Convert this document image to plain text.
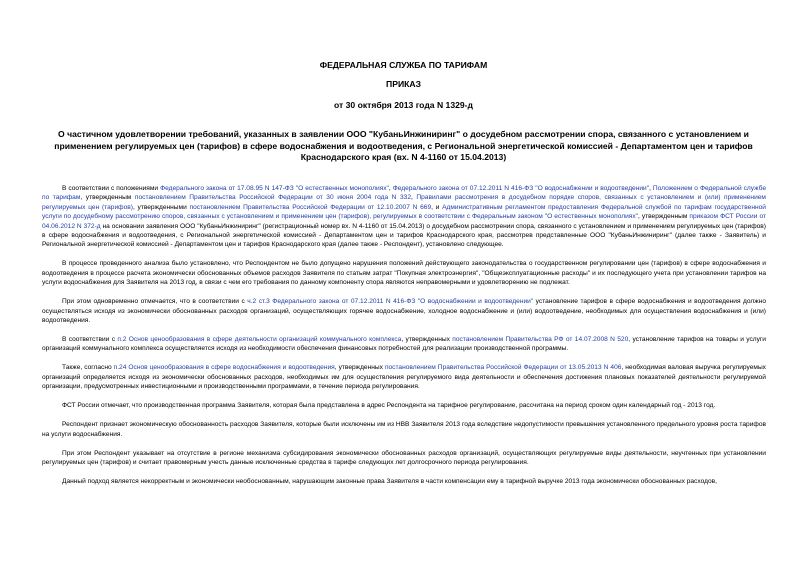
ФЕДЕРАЛЬНАЯ СЛУЖБА ПО ТАРИФАМ
ПРИКАЗ
от 30 октября 2013 года N 1329-д
О частичном удовлетворении требований, указанных в заявлении ООО "КубаньИнжиниринг" о досудебном рассмотрении спора, связанного с установлением и применением регулируемых цен (тарифов) в сфере водоснабжения и водоотведения, с Региональной энергетической комиссией - Департаментом цен и тарифов Краснодарского края (вх. N 4-1160 от 15.04.2013)

В соответствии с положениями Федерального закона от 17.08.95 N 147-ФЗ "О естественных монополиях", Федерального закона от 07.12.2011 N 416-ФЗ "О водоснабжении и водоотведении", Положением о Федеральной службе по тарифам, утвержденным постановлением Правительства Российской Федерации от 30 июня 2004 года N 332, Правилами рассмотрения в досудебном порядке споров, связанных с установлением и (или) применением регулируемых цен (тарифов), утвержденными постановлением Правительства Российской Федерации от 12.10.2007 N 669, и Административным регламентом предоставления Федеральной службой по тарифам государственной услуги по досудебному рассмотрению споров, связанных с установлением и применением цен (тарифов), регулируемых в соответствии с Федеральным законом "О естественных монополиях", утвержденным приказом ФСТ России от 04.06.2012 N 372-д на основании заявления ООО "КубаньИнжиниринг" (регистрационный номер вх. N 4-1160 от 15.04.2013) о досудебном рассмотрении спора, связанного с установлением и применением регулируемых цен (тарифов) в сфере водоснабжения и водоотведения, с Региональной энергетической комиссией - Департаментом цен и тарифов Краснодарского края, рассмотрев представленные ООО "КубаньИнжиниринг" (далее также - Заявитель) и Региональной энергетической комиссией - Департаментом цен и тарифов Краснодарского края (далее также - Респондент), установлено следующее.

В процессе проведенного анализа было установлено, что Респондентом не было допущено нарушения положений действующего законодательства о государственном регулировании цен (тарифов) в сфере водоснабжения и водоотведения в процессе расчета экономически обоснованных объемов расходов Заявителя по статьям затрат "Покупная электроэнергия", "Общеэксплуатационные расходы" и их последующего учета при установлении тарифов на услуги водоснабжения для Заявителя на 2013 год, в связи с чем его требования по данному компоненту спора являются неправомерными и удовлетворению не подлежат.

При этом одновременно отмечается, что в соответствии с ч.2 ст.3 Федерального закона от 07.12.2011 N 416-ФЗ "О водоснабжении и водоотведении" установление тарифов в сфере водоснабжения и водоотведения должно осуществляться исходя из экономически обоснованных расходов организаций, осуществляющих горячее водоснабжение, холодное водоснабжение и (или) водоотведение, необходимых для осуществления водоснабжения и (или) водоотведения.

В соответствии с п.2 Основ ценообразования в сфере деятельности организаций коммунального комплекса, утвержденных постановлением Правительства РФ от 14.07.2008 N 520, установление тарифов на товары и услуги организаций коммунального комплекса осуществляется исходя из необходимости обеспечения финансовых потребностей для реализации производственной программы.

Также, согласно п.24 Основ ценообразования в сфере водоснабжения и водоотведения, утвержденных постановлением Правительства Российской Федерации от 13.05.2013 N 406, необходимая валовая выручка регулируемых организаций определяется исходя из экономически обоснованных расходов, необходимых им для осуществления регулируемого вида деятельности и обеспечения достижения плановых показателей деятельности регулируемой организации, предусмотренных инвестиционными и производственными программами, в течение периода регулирования.

ФСТ России отмечает, что производственная программа Заявителя, которая была представлена в адрес Респондента на тарифное регулирование, рассчитана на период сроком один календарный год - 2013 год.

Респондент признает экономическую обоснованность расходов Заявителя, которые были исключены им из НВВ Заявителя 2013 года вследствие недопустимости превышения установленного предельного уровня роста тарифов на услуги водоснабжения.

При этом Респондент указывает на отсутствие в регионе механизма субсидирования экономически обоснованных расходов организаций, осуществляющих регулируемые виды деятельности, неучтенных при установлении регулируемых цен (тарифов) и считает правомерным учесть данные исключенные средства в тарифе следующих лет долгосрочного периода регулирования.

Данный подход является некорректным и экономически необоснованным, нарушающим законные права Заявителя в части компенсации ему в тарифной выручке 2013 года экономически обоснованных расходов,
